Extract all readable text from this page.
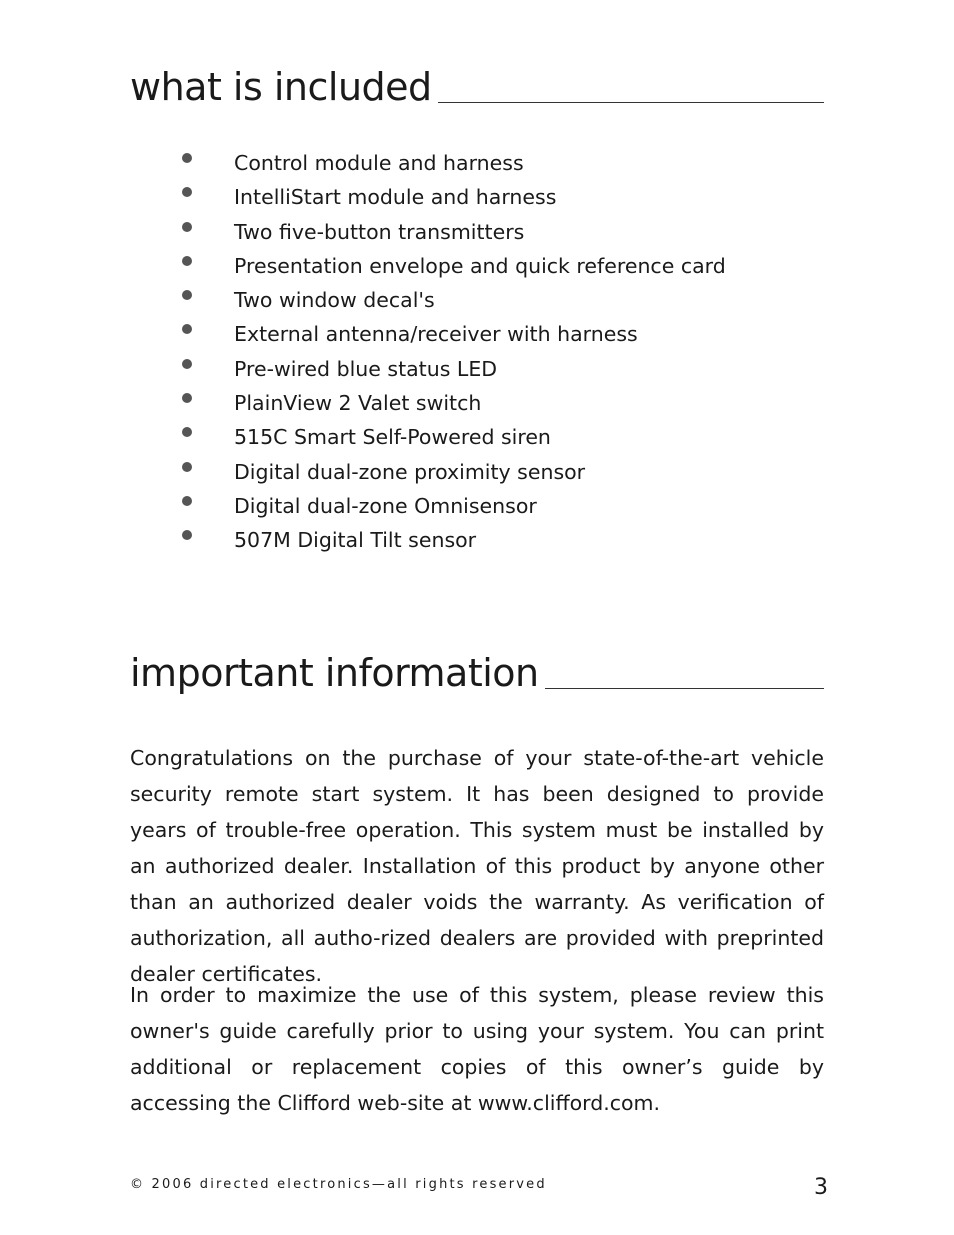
what is included
Control module and harness
IntelliStart module and harness
Two five-button transmitters
Presentation envelope and quick reference card
Two window decal's
External antenna/receiver with harness
Pre-wired blue status LED
PlainView 2 Valet switch
515C Smart Self-Powered siren
Digital dual-zone proximity sensor
Digital dual-zone Omnisensor
507M Digital Tilt sensor
important information

Congratulations on the purchase of your state-of-the-art vehicle security remote start system. It has been designed to provide years of trouble-free operation. This system must be installed by an authorized dealer. Installation of this product by anyone other than an authorized dealer voids the warranty. As verification of authorization, all autho-rized dealers are provided with preprinted dealer certificates.

In order to maximize the use of this system, please review this owner's guide carefully prior to using your system. You can print additional or replacement copies of this owner’s guide by accessing the Clifford web-site at www.clifford.com.

© 2006 directed electronics—all rights reserved	3
